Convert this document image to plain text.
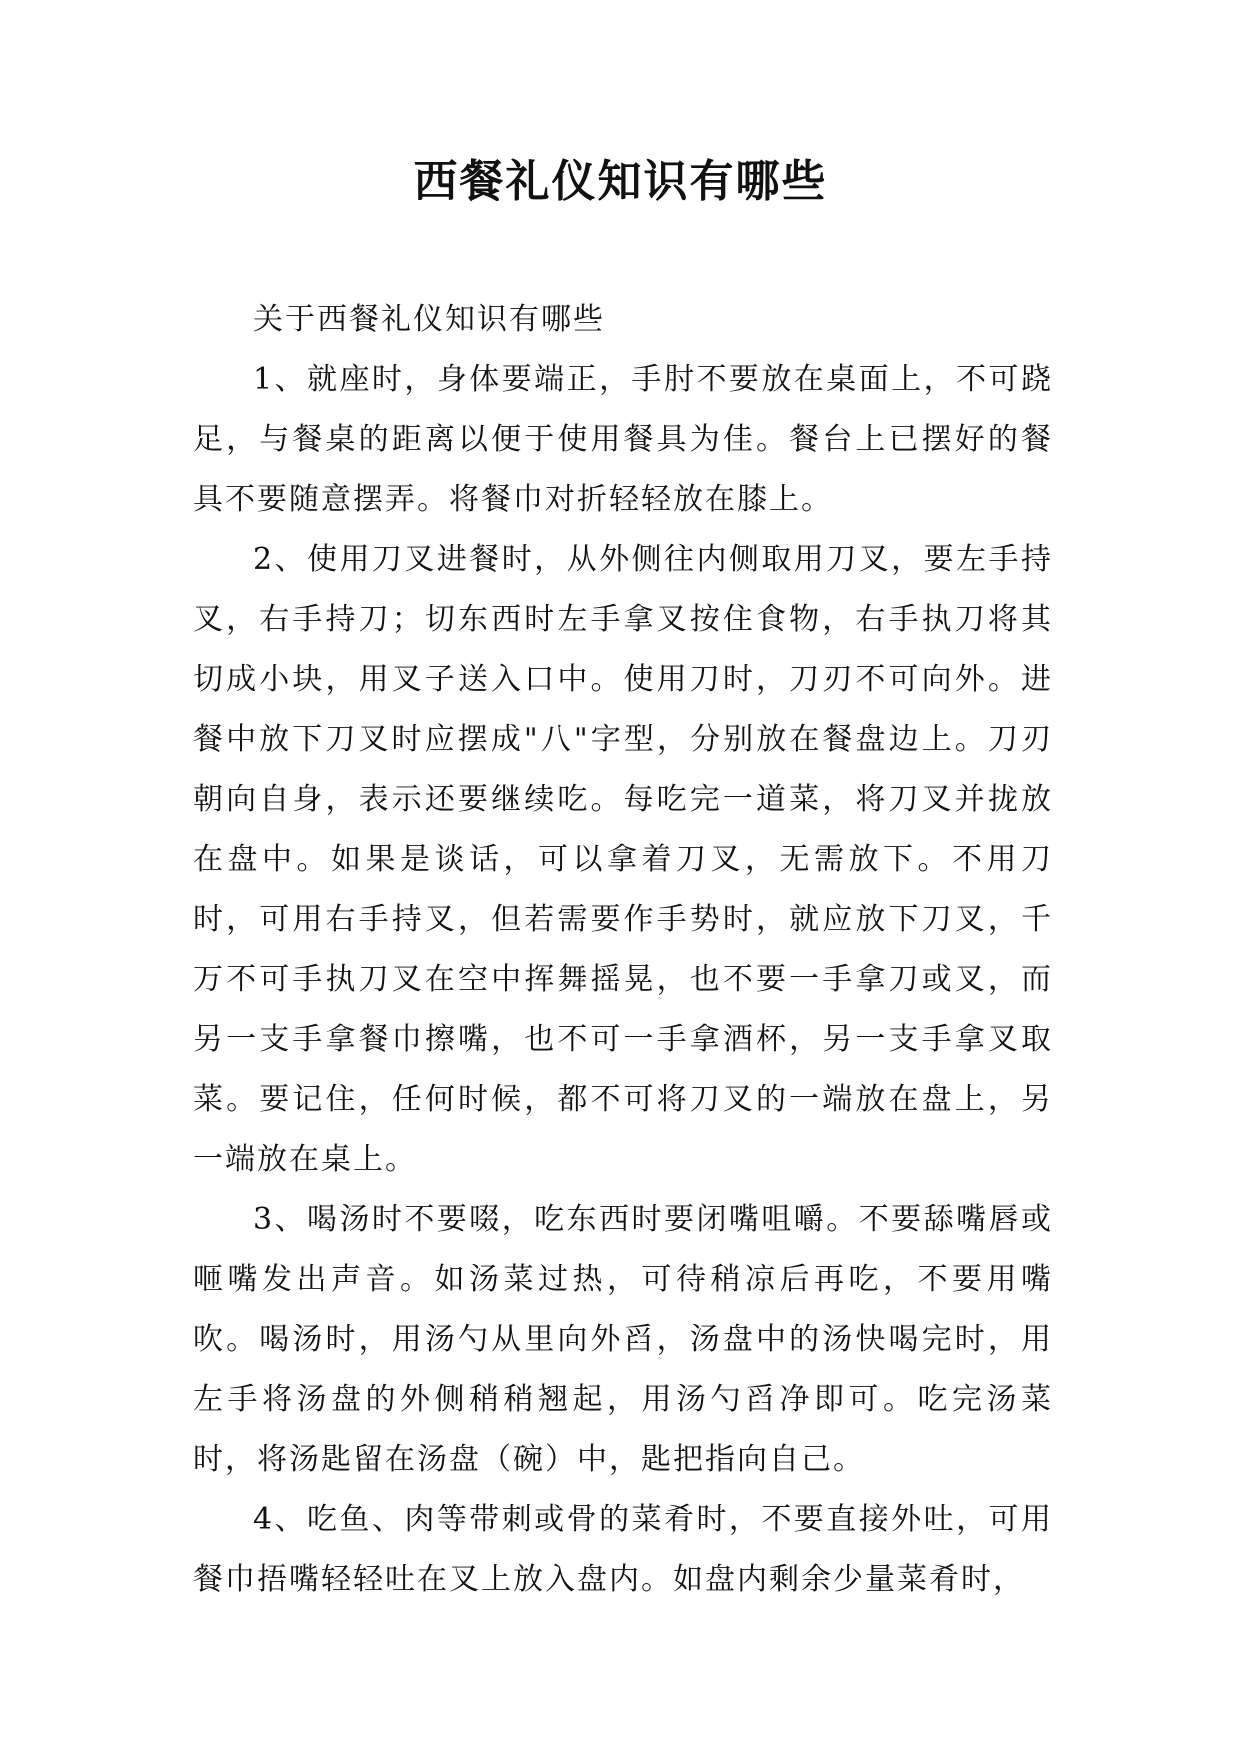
西餐礼仪知识有哪些

关于西餐礼仪知识有哪些

1、就座时，身体要端正，手肘不要放在桌面上，不可跷足，与餐桌的距离以便于使用餐具为佳。餐台上已摆好的餐具不要随意摆弄。将餐巾对折轻轻放在膝上。

2、使用刀叉进餐时，从外侧往内侧取用刀叉，要左手持叉，右手持刀；切东西时左手拿叉按住食物，右手执刀将其切成小块，用叉子送入口中。使用刀时，刀刃不可向外。进餐中放下刀叉时应摆成"八"字型，分别放在餐盘边上。刀刃朝向自身，表示还要继续吃。每吃完一道菜，将刀叉并拢放在盘中。如果是谈话，可以拿着刀叉，无需放下。不用刀时，可用右手持叉，但若需要作手势时，就应放下刀叉，千万不可手执刀叉在空中挥舞摇晃，也不要一手拿刀或叉，而另一支手拿餐巾擦嘴，也不可一手拿酒杯，另一支手拿叉取菜。要记住，任何时候，都不可将刀叉的一端放在盘上，另一端放在桌上。

3、喝汤时不要啜，吃东西时要闭嘴咀嚼。不要舔嘴唇或咂嘴发出声音。如汤菜过热，可待稍凉后再吃，不要用嘴吹。喝汤时，用汤勺从里向外舀，汤盘中的汤快喝完时，用左手将汤盘的外侧稍稍翘起，用汤勺舀净即可。吃完汤菜时，将汤匙留在汤盘（碗）中，匙把指向自己。

4、吃鱼、肉等带刺或骨的菜肴时，不要直接外吐，可用餐巾捂嘴轻轻吐在叉上放入盘内。如盘内剩余少量菜肴时，
